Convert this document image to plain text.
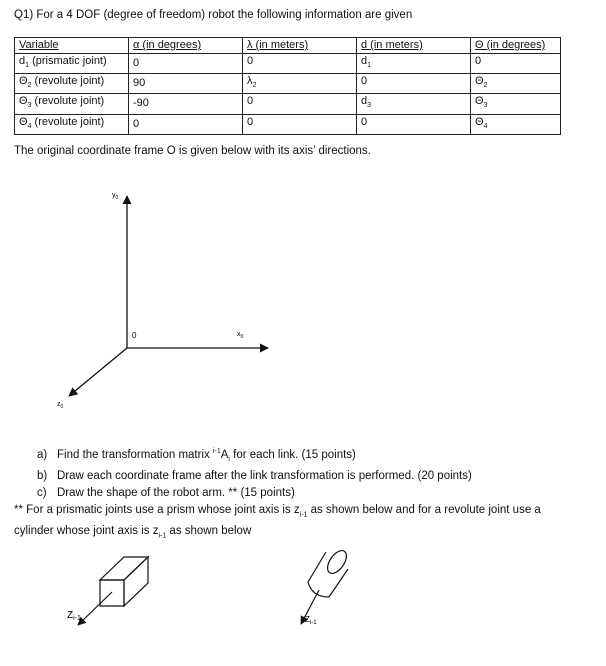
Q1) For a 4 DOF (degree of freedom) robot the following information are given
Variable	α (in degrees)	λ (in meters)	d (in meters)	Θ (in degrees)
$d_1$ (prismatic joint)	0	0	$d_1$	0
$\Theta_2$ (revolute joint)	90	$\lambda_2$	0	$\Theta_2$
$\Theta_3$ (revolute joint)	-90	0	$d_3$	$\Theta_3$
$\Theta_4$ (revolute joint)	0	0	0	$\Theta_4$
The original coordinate frame O is given below with its axis’ directions.
$y_0$
$x_0$
$z_0$
0
$Z_{i-1}$	$Z_{i-1}$
a) Find the transformation matrix $^{i-1}A_i$ for each link. (15 points)
b) Draw each coordinate frame after the link transformation is performed. (20 points)
c) Draw the shape of the robot arm. ** (15 points)
** For a prismatic joints use a prism whose joint axis is $z_{i-1}$ as shown below and for a revolute joint use a cylinder whose joint axis is $z_{i-1}$ as shown below
